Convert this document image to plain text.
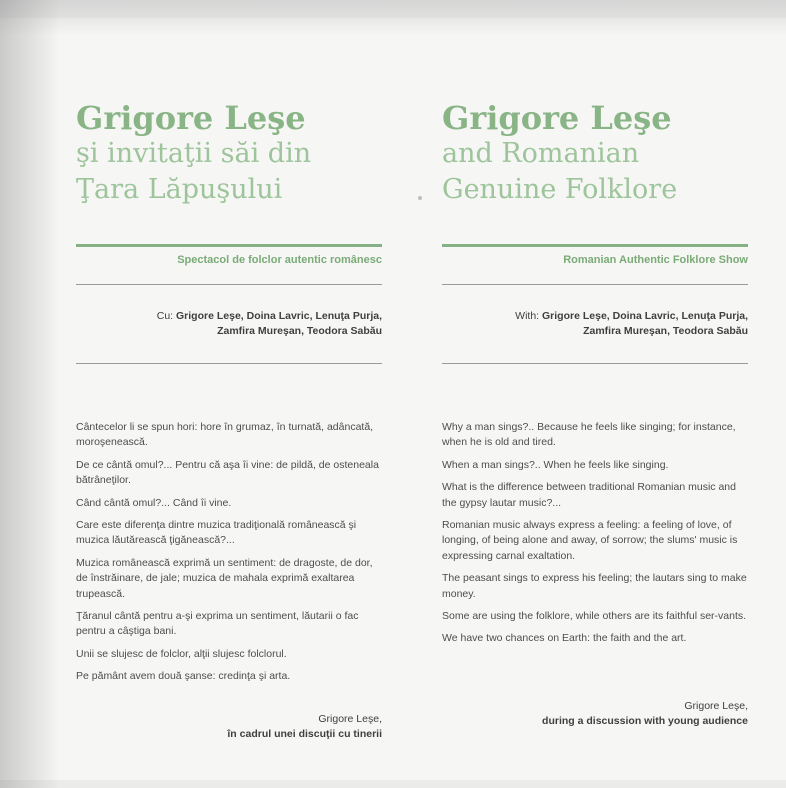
Grigore Leşe
şi invitaţii săi din
Ţara Lăpuşului
Spectacol de folclor autentic românesc
Cu: Grigore Leşe, Doina Lavric, Lenuţa Purja,
Zamfira Mureşan, Teodora Sabău

Cântecelor li se spun hori: hore în grumaz, în turnată, adâncată, moroşenească.

De ce cântă omul?... Pentru că aşa îi vine: de pildă, de osteneala bătrâneţilor.

Când cântă omul?... Când îi vine.

Care este diferenţa dintre muzica tradiţională românească şi muzica lăutărească ţigănească?...

Muzica românească exprimă un sentiment: de dragoste, de dor, de înstrăinare, de jale; muzica de mahala exprimă exaltarea trupească.

Ţăranul cântă pentru a-şi exprima un sentiment, lăutarii o fac pentru a câştiga bani.

Unii se slujesc de folclor, alţii slujesc folclorul.

Pe pământ avem două şanse: credinţa şi arta.

Grigore Leşe,
în cadrul unei discuţii cu tinerii
Grigore Leşe
and Romanian
Genuine Folklore
Romanian Authentic Folklore Show
With: Grigore Leşe, Doina Lavric, Lenuţa Purja,
Zamfira Mureşan, Teodora Sabău

Why a man sings?.. Because he feels like singing; for instance, when he is old and tired.

When a man sings?.. When he feels like singing.

What is the difference between traditional Romanian music and the gypsy lautar music?...

Romanian music always express a feeling: a feeling of love, of longing, of being alone and away, of sorrow; the slums' music is expressing carnal exaltation.

The peasant sings to express his feeling; the lautars sing to make money.

Some are using the folklore, while others are its faithful ser-vants.

We have two chances on Earth: the faith and the art.

Grigore Leşe,
during a discussion with young audience
